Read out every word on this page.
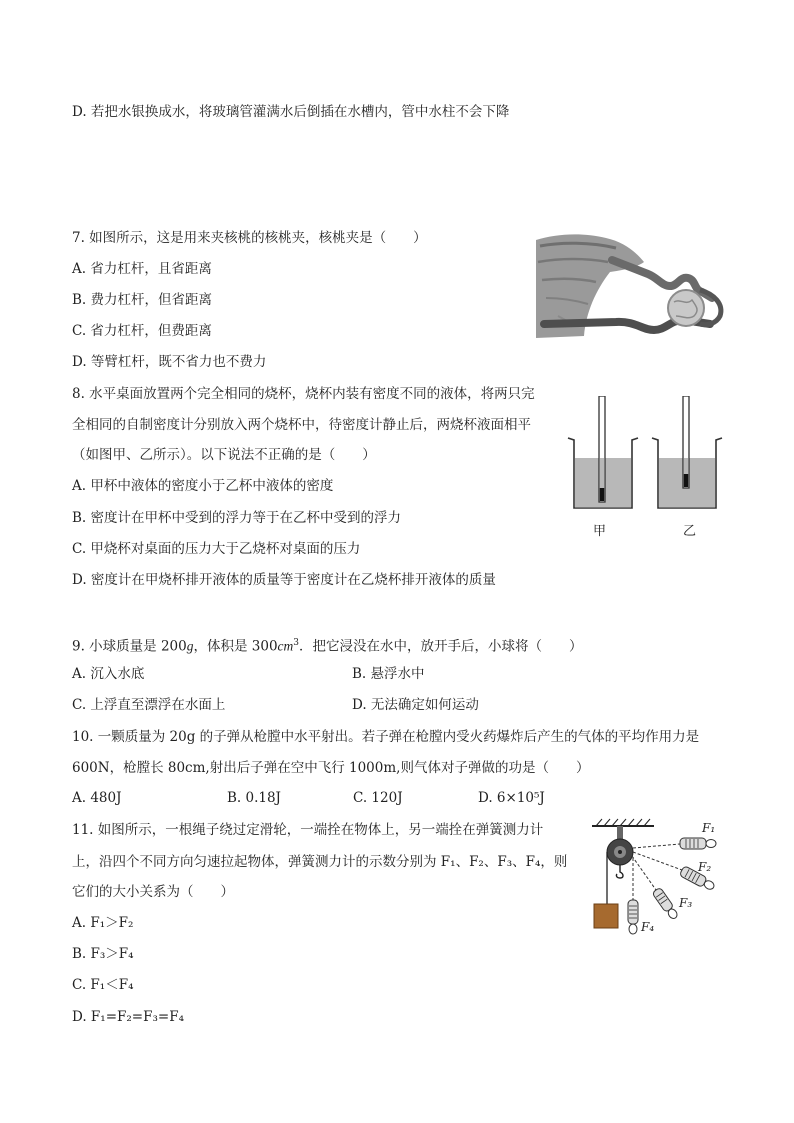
D. 若把水银换成水，将玻璃管灌满水后倒插在水槽内，管中水柱不会下降
7. 如图所示，这是用来夹核桃的核桃夹，核桃夹是（　　）
A. 省力杠杆，且省距离
B. 费力杠杆，但省距离
C. 省力杠杆，但费距离
D. 等臂杠杆，既不省力也不费力
8. 水平桌面放置两个完全相同的烧杯，烧杯内装有密度不同的液体，将两只完
全相同的自制密度计分别放入两个烧杯中，待密度计静止后，两烧杯液面相平
（如图甲、乙所示）。以下说法不正确的是（　　）
A. 甲杯中液体的密度小于乙杯中液体的密度
B. 密度计在甲杯中受到的浮力等于在乙杯中受到的浮力
C. 甲烧杯对桌面的压力大于乙烧杯对桌面的压力
D. 密度计在甲烧杯排开液体的质量等于密度计在乙烧杯排开液体的质量
甲	乙
9. 小球质量是 200g，体积是 $300cm^3$．把它浸没在水中，放开手后，小球将（　　）
A. 沉入水底	B. 悬浮水中
C. 上浮直至漂浮在水面上	D. 无法确定如何运动
10. 一颗质量为 20g 的子弹从枪膛中水平射出。若子弹在枪膛内受火药爆炸后产生的气体的平均作用力是
600N，枪膛长 80cm,射出后子弹在空中飞行 1000m,则气体对子弹做的功是（　　）
A. 480J	B. 0.18J	C. 120J	D. 6×10⁵J
11. 如图所示，一根绳子绕过定滑轮，一端拴在物体上，另一端拴在弹簧测力计
上，沿四个不同方向匀速拉起物体，弹簧测力计的示数分别为 F₁、F₂、F₃、F₄，则
它们的大小关系为（　　）
A. F₁＞F₂
B. F₃＞F₄
C. F₁＜F₄
D. F₁=F₂=F₃=F₄
F₁
F₂
F₃
F₄
